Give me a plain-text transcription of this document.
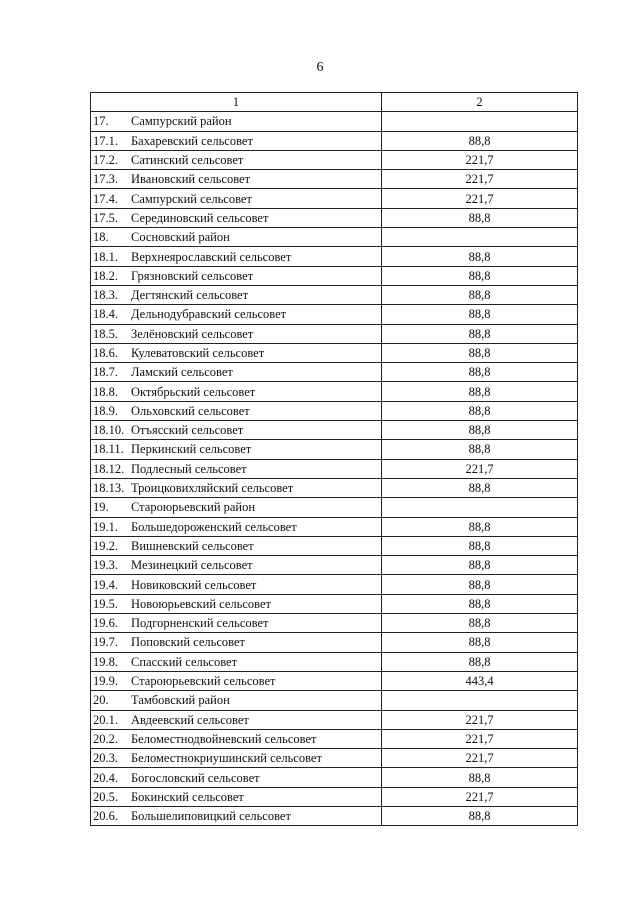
6
1	2
17. Сампурский район	
17.1. Бахаревский сельсовет	88,8
17.2. Сатинский сельсовет	221,7
17.3. Ивановский сельсовет	221,7
17.4. Сампурский сельсовет	221,7
17.5. Серединовский сельсовет	88,8
18. Сосновский район	
18.1. Верхнеярославский сельсовет	88,8
18.2. Грязновский сельсовет	88,8
18.3. Дегтянский сельсовет	88,8
18.4. Дельнодубравский сельсовет	88,8
18.5. Зелёновский сельсовет	88,8
18.6. Кулеватовский сельсовет	88,8
18.7. Ламский сельсовет	88,8
18.8. Октябрьский сельсовет	88,8
18.9. Ольховский сельсовет	88,8
18.10. Отъясский сельсовет	88,8
18.11. Перкинский сельсовет	88,8
18.12. Подлесный сельсовет	221,7
18.13. Троицковихляйский сельсовет	88,8
19. Староюрьевский район	
19.1. Большедороженский сельсовет	88,8
19.2. Вишневский сельсовет	88,8
19.3. Мезинецкий сельсовет	88,8
19.4. Новиковский сельсовет	88,8
19.5. Новоюрьевский сельсовет	88,8
19.6. Подгорненский сельсовет	88,8
19.7. Поповский сельсовет	88,8
19.8. Спасский сельсовет	88,8
19.9. Староюрьевский сельсовет	443,4
20. Тамбовский район	
20.1. Авдеевский сельсовет	221,7
20.2. Беломестнодвойневский сельсовет	221,7
20.3. Беломестнокриушинский сельсовет	221,7
20.4. Богословский сельсовет	88,8
20.5. Бокинский сельсовет	221,7
20.6. Большелиповицкий сельсовет	88,8
